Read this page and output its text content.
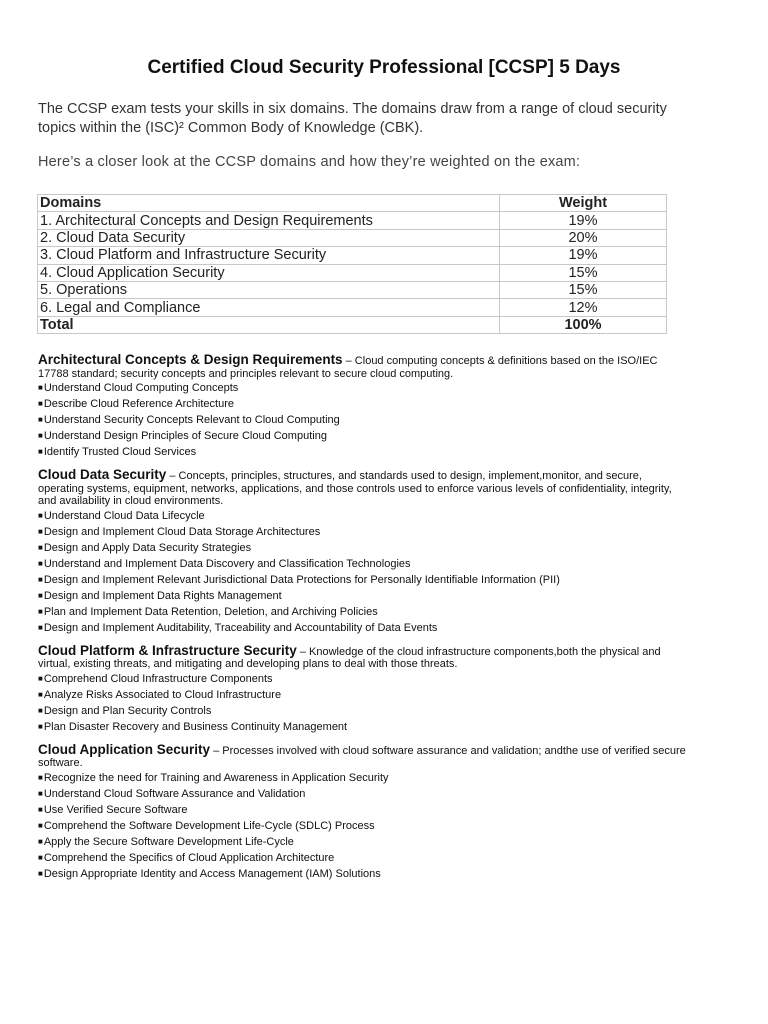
Certified Cloud Security Professional [CCSP] 5 Days
The CCSP exam tests your skills in six domains. The domains draw from a range of cloud security topics within the (ISC)² Common Body of Knowledge (CBK).
Here’s a closer look at the CCSP domains and how they’re weighted on the exam:
Domains	Weight
1. Architectural Concepts and Design Requirements	19%
2. Cloud Data Security	20%
3. Cloud Platform and Infrastructure Security	19%
4. Cloud Application Security	15%
5. Operations	15%
6. Legal and Compliance	12%
Total	100%
Architectural Concepts & Design Requirements – Cloud computing concepts & definitions based on the ISO/IEC 17788 standard; security concepts and principles relevant to secure cloud computing.
■Understand Cloud Computing Concepts
■Describe Cloud Reference Architecture
■Understand Security Concepts Relevant to Cloud Computing
■Understand Design Principles of Secure Cloud Computing
■Identify Trusted Cloud Services
Cloud Data Security – Concepts, principles, structures, and standards used to design, implement,monitor, and secure, operating systems, equipment, networks, applications, and those controls used to enforce various levels of confidentiality, integrity, and availability in cloud environments.
■Understand Cloud Data Lifecycle
■Design and Implement Cloud Data Storage Architectures
■Design and Apply Data Security Strategies
■Understand and Implement Data Discovery and Classification Technologies
■Design and Implement Relevant Jurisdictional Data Protections for Personally Identifiable Information (PII)
■Design and Implement Data Rights Management
■Plan and Implement Data Retention, Deletion, and Archiving Policies
■Design and Implement Auditability, Traceability and Accountability of Data Events
Cloud Platform & Infrastructure Security – Knowledge of the cloud infrastructure components,both the physical and virtual, existing threats, and mitigating and developing plans to deal with those threats.
■Comprehend Cloud Infrastructure Components
■Analyze Risks Associated to Cloud Infrastructure
■Design and Plan Security Controls
■Plan Disaster Recovery and Business Continuity Management
Cloud Application Security – Processes involved with cloud software assurance and validation; andthe use of verified secure software.
■Recognize the need for Training and Awareness in Application Security
■Understand Cloud Software Assurance and Validation
■Use Verified Secure Software
■Comprehend the Software Development Life-Cycle (SDLC) Process
■Apply the Secure Software Development Life-Cycle
■Comprehend the Specifics of Cloud Application Architecture
■Design Appropriate Identity and Access Management (IAM) Solutions
